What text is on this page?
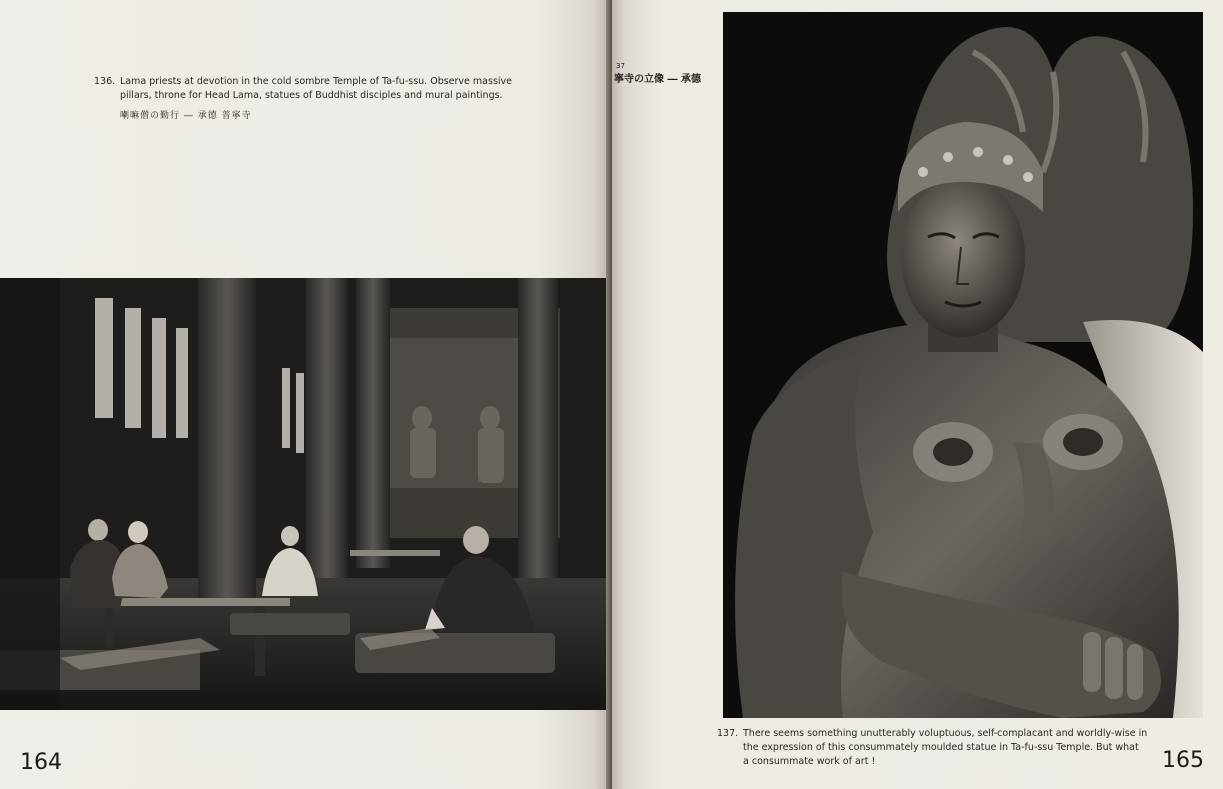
136. Lama priests at devotion in the cold sombre Temple of Ta-fu-ssu. Observe massive
pillars, throne for Head Lama, statues of Buddhist disciples and mural paintings.
喇嘛僧の勤行 ― 承德 普寧寺
164
37
寧寺の立像 ― 承德
137. There seems something unutterably voluptuous, self-complacant and worldly-wise in
the expression of this consummately moulded statue in Ta-fu-ssu Temple. But what
a consummate work of art !	165
